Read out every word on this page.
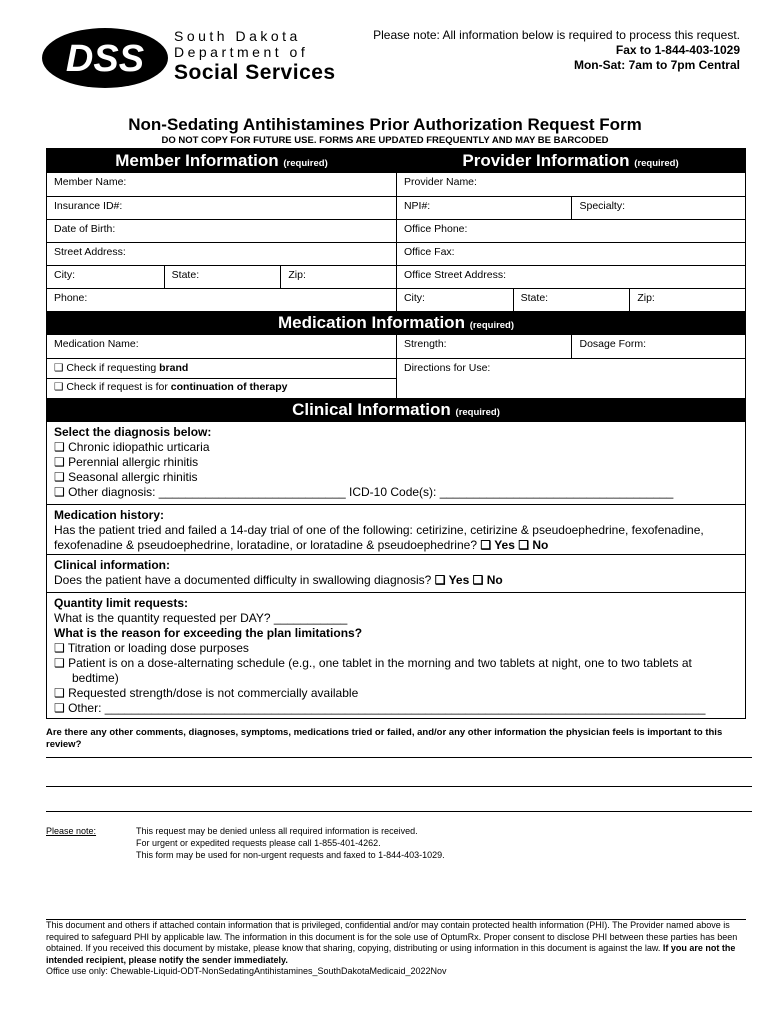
DSS
South Dakota
Department of
Social Services
Please note: All information below is required to process this request.
Fax to 1-844-403-1029
Mon-Sat: 7am to 7pm Central
Non-Sedating Antihistamines Prior Authorization Request Form
DO NOT COPY FOR FUTURE USE. FORMS ARE UPDATED FREQUENTLY AND MAY BE BARCODED
Member Information (required)	Provider Information (required)
Member Name:	Provider Name:
Insurance ID#:	NPI#:	Specialty:
Date of Birth:	Office Phone:
Street Address:	Office Fax:
City:	State:	Zip:	Office Street Address:
Phone:	City:	State:	Zip:
Medication Information (required)
Medication Name:	Strength:	Dosage Form:
❑ Check if requesting brand
❑ Check if request is for continuation of therapy
Directions for Use:
Clinical Information (required)
Select the diagnosis below:
❑ Chronic idiopathic urticaria
❑ Perennial allergic rhinitis
❑ Seasonal allergic rhinitis
❑ Other diagnosis: ____________________________ ICD-10 Code(s): ___________________________________
Medication history:
Has the patient tried and failed a 14-day trial of one of the following: cetirizine, cetirizine & pseudoephedrine, fexofenadine, fexofenadine & pseudoephedrine, loratadine, or loratadine & pseudoephedrine? ❑ Yes ❑ No
Clinical information:
Does the patient have a documented difficulty in swallowing diagnosis? ❑ Yes ❑ No
Quantity limit requests:
What is the quantity requested per DAY? ___________
What is the reason for exceeding the plan limitations?
❑ Titration or loading dose purposes
❑ Patient is on a dose-alternating schedule (e.g., one tablet in the morning and two tablets at night, one to two tablets at
bedtime)
❑ Requested strength/dose is not commercially available
❑ Other: __________________________________________________________________________________________
Are there any other comments, diagnoses, symptoms, medications tried or failed, and/or any other information the physician feels is important to this review?
Please note:	This request may be denied unless all required information is received.
For urgent or expedited requests please call 1-855-401-4262.
This form may be used for non-urgent requests and faxed to 1-844-403-1029.
This document and others if attached contain information that is privileged, confidential and/or may contain protected health information (PHI). The Provider named above is required to safeguard PHI by applicable law. The information in this document is for the sole use of OptumRx. Proper consent to disclose PHI between these parties has been obtained. If you received this document by mistake, please know that sharing, copying, distributing or using information in this document is against the law. If you are not the intended recipient, please notify the sender immediately.
Office use only: Chewable-Liquid-ODT-NonSedatingAntihistamines_SouthDakotaMedicaid_2022Nov
